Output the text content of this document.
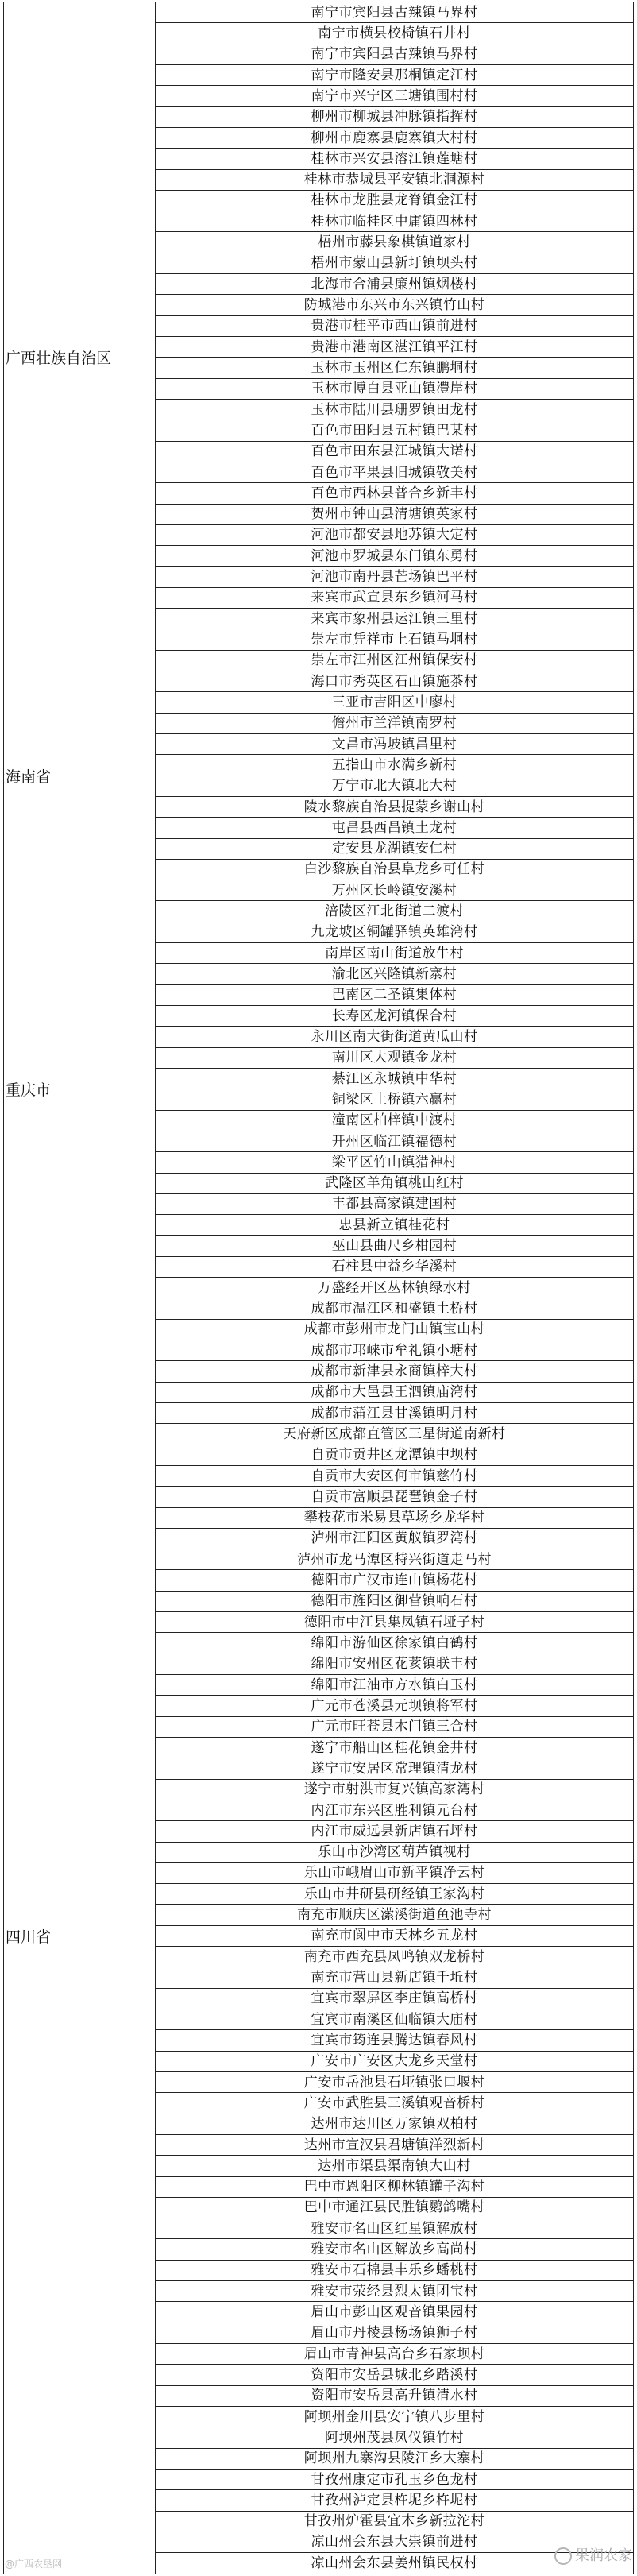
	南宁市宾阳县古辣镇马界村
	南宁市横县校椅镇石井村
广西壮族自治区	南宁市宾阳县古辣镇马界村
	南宁市隆安县那桐镇定江村
	南宁市兴宁区三塘镇围村村
	柳州市柳城县冲脉镇指挥村
	柳州市鹿寨县鹿寨镇大村村
	桂林市兴安县溶江镇莲塘村
	桂林市恭城县平安镇北洞源村
	桂林市龙胜县龙脊镇金江村
	桂林市临桂区中庸镇四林村
	梧州市藤县象棋镇道家村
	梧州市蒙山县新圩镇坝头村
	北海市合浦县廉州镇烟楼村
	防城港市东兴市东兴镇竹山村
	贵港市桂平市西山镇前进村
	贵港市港南区湛江镇平江村
	玉林市玉州区仁东镇鹏垌村
	玉林市博白县亚山镇澧岸村
	玉林市陆川县珊罗镇田龙村
	百色市田阳县五村镇巴某村
	百色市田东县江城镇大诺村
	百色市平果县旧城镇敬美村
	百色市西林县普合乡新丰村
	贺州市钟山县清塘镇英家村
	河池市都安县地苏镇大定村
	河池市罗城县东门镇东勇村
	河池市南丹县芒场镇巴平村
	来宾市武宣县东乡镇河马村
	来宾市象州县运江镇三里村
	崇左市凭祥市上石镇马垌村
	崇左市江州区江州镇保安村
海南省	海口市秀英区石山镇施茶村
	三亚市吉阳区中廖村
	儋州市兰洋镇南罗村
	文昌市冯坡镇昌里村
	五指山市水满乡新村
	万宁市北大镇北大村
	陵水黎族自治县提蒙乡谢山村
	屯昌县西昌镇土龙村
	定安县龙湖镇安仁村
	白沙黎族自治县阜龙乡可任村
重庆市	万州区长岭镇安溪村
	涪陵区江北街道二渡村
	九龙坡区铜罐驿镇英雄湾村
	南岸区南山街道放牛村
	渝北区兴隆镇新寨村
	巴南区二圣镇集体村
	长寿区龙河镇保合村
	永川区南大街街道黄瓜山村
	南川区大观镇金龙村
	綦江区永城镇中华村
	铜梁区土桥镇六赢村
	潼南区柏梓镇中渡村
	开州区临江镇福德村
	梁平区竹山镇猎神村
	武隆区羊角镇桃山红村
	丰都县高家镇建国村
	忠县新立镇桂花村
	巫山县曲尺乡柑园村
	石柱县中益乡华溪村
	万盛经开区丛林镇绿水村
四川省	成都市温江区和盛镇土桥村
	成都市彭州市龙门山镇宝山村
	成都市邛崃市牟礼镇小塘村
	成都市新津县永商镇梓大村
	成都市大邑县王泗镇庙湾村
	成都市蒲江县甘溪镇明月村
	天府新区成都直管区三星街道南新村
	自贡市贡井区龙潭镇中坝村
	自贡市大安区何市镇慈竹村
	自贡市富顺县琵琶镇金子村
	攀枝花市米易县草场乡龙华村
	泸州市江阳区黄舣镇罗湾村
	泸州市龙马潭区特兴街道走马村
	德阳市广汉市连山镇杨花村
	德阳市旌阳区御营镇响石村
	德阳市中江县集凤镇石垭子村
	绵阳市游仙区徐家镇白鹤村
	绵阳市安州区花荄镇联丰村
	绵阳市江油市方水镇白玉村
	广元市苍溪县元坝镇将军村
	广元市旺苍县木门镇三合村
	遂宁市船山区桂花镇金井村
	遂宁市安居区常理镇清龙村
	遂宁市射洪市复兴镇高家湾村
	内江市东兴区胜利镇元台村
	内江市威远县新店镇石坪村
	乐山市沙湾区葫芦镇视村
	乐山市峨眉山市新平镇净云村
	乐山市井研县研经镇王家沟村
	南充市顺庆区潆溪街道鱼池寺村
	南充市阆中市天林乡五龙村
	南充市西充县凤鸣镇双龙桥村
	南充市营山县新店镇千坵村
	宜宾市翠屏区李庄镇高桥村
	宜宾市南溪区仙临镇大庙村
	宜宾市筠连县腾达镇春风村
	广安市广安区大龙乡天堂村
	广安市岳池县石垭镇张口堰村
	广安市武胜县三溪镇观音桥村
	达州市达川区万家镇双柏村
	达州市宣汉县君塘镇洋烈新村
	达州市渠县渠南镇大山村
	巴中市恩阳区柳林镇罐子沟村
	巴中市通江县民胜镇鹦鸽嘴村
	雅安市名山区红星镇解放村
	雅安市名山区解放乡高尚村
	雅安市石棉县丰乐乡蟠桃村
	雅安市荥经县烈太镇团宝村
	眉山市彭山区观音镇果园村
	眉山市丹棱县杨场镇狮子村
	眉山市青神县高台乡石家坝村
	资阳市安岳县城北乡踏溪村
	资阳市安岳县高升镇清水村
	阿坝州金川县安宁镇八步里村
	阿坝州茂县凤仪镇竹村
	阿坝州九寨沟县陵江乡大寨村
	甘孜州康定市孔玉乡色龙村
	甘孜州泸定县杵坭乡杵坭村
	甘孜州炉霍县宜木乡新拉沱村
	凉山州会东县大崇镇前进村
	凉山州会东县姜州镇民权村
@广西农垦网	果润农家
